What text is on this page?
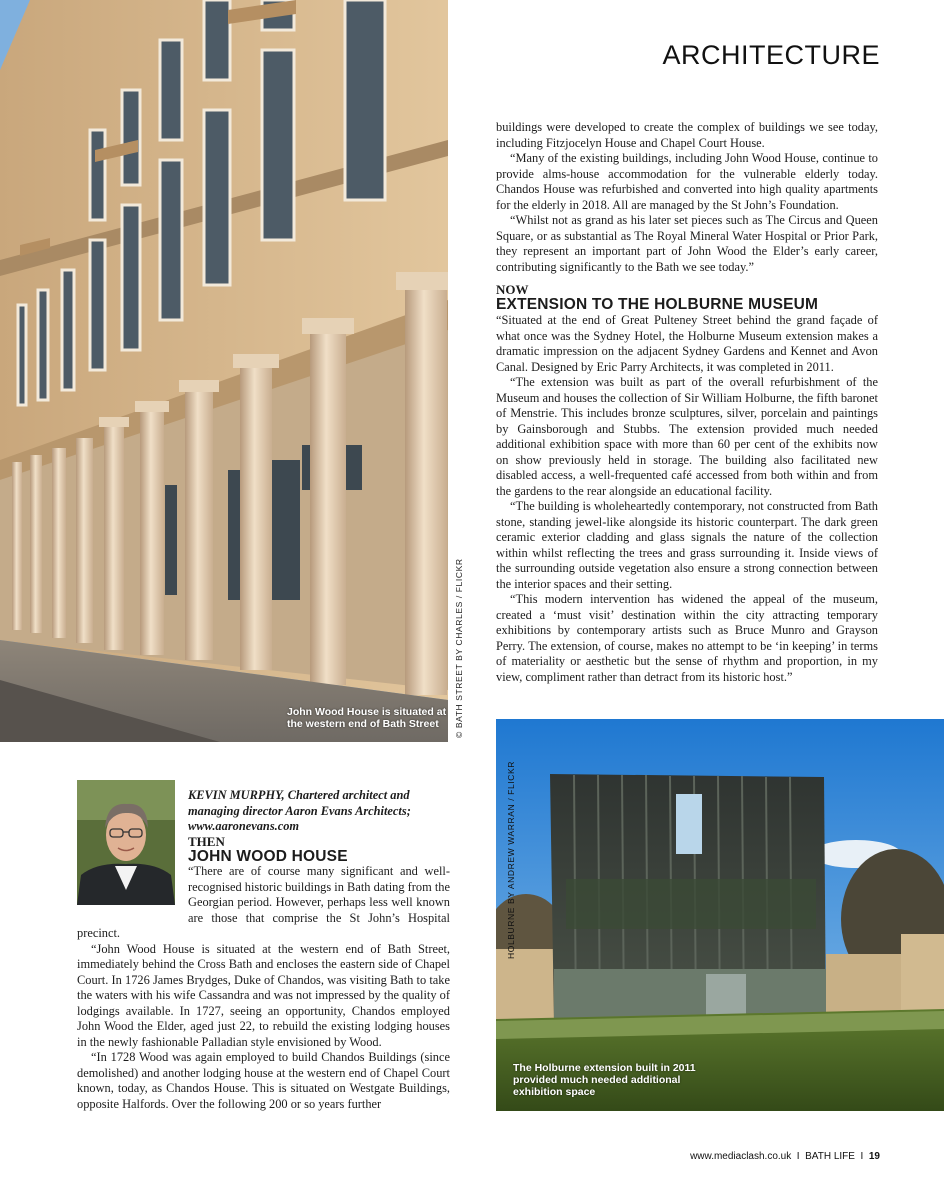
John Wood House is situated at
the western end of Bath Street	© BATH STREET BY CHARLES / FLICKR
ARCHITECTURE

buildings were developed to create the complex of buildings we see today, including Fitzjocelyn House and Chapel Court House.

“Many of the existing buildings, including John Wood House, continue to provide alms-house accommodation for the vulnerable elderly today. Chandos House was refurbished and converted into high quality apartments for the elderly in 2018. All are managed by the St John’s Foundation.

“Whilst not as grand as his later set pieces such as The Circus and Queen Square, or as substantial as The Royal Mineral Water Hospital or Prior Park, they represent an important part of John Wood the Elder’s early career, contributing significantly to the Bath we see today.”

NOW
EXTENSION TO THE HOLBURNE MUSEUM

“Situated at the end of Great Pulteney Street behind the grand façade of what once was the Sydney Hotel, the Holburne Museum extension makes a dramatic impression on the adjacent Sydney Gardens and Kennet and Avon Canal. Designed by Eric Parry Architects, it was completed in 2011.

“The extension was built as part of the overall refurbishment of the Museum and houses the collection of Sir William Holburne, the fifth baronet of Menstrie. This includes bronze sculptures, silver, porcelain and paintings by Gainsborough and Stubbs. The extension provided much needed additional exhibition space with more than 60 per cent of the exhibits now on show previously held in storage. The building also facilitated new disabled access, a well-frequented café accessed from both within and from the gardens to the rear alongside an educational facility.

“The building is wholeheartedly contemporary, not constructed from Bath stone, standing jewel-like alongside its historic counterpart. The dark green ceramic exterior cladding and glass signals the nature of the collection within whilst reflecting the trees and grass surrounding it. Inside views of the surrounding outside vegetation also ensure a strong connection between the interior spaces and their setting.

“This modern intervention has widened the appeal of the museum, created a ‘must visit’ destination within the city attracting temporary exhibitions by contemporary artists such as Bruce Munro and Grayson Perry. The extension, of course, makes no attempt to be ‘in keeping’ in terms of materiality or aesthetic but the sense of rhythm and proportion, in my view, compliment rather than detract from its historic host.”

The Holburne extension built in 2011
provided much needed additional
exhibition space
HOLBURNE BY ANDREW WARRAN / FLICKR
KEVIN MURPHY, Chartered architect and
managing director Aaron Evans Architects;
www.aaronevans.com
THEN
JOHN WOOD HOUSE

“There are of course many significant and well-recognised historic buildings in Bath dating from the Georgian period. However, perhaps less well known are those that comprise the St John’s Hospital precinct.

“John Wood House is situated at the western end of Bath Street, immediately behind the Cross Bath and encloses the eastern side of Chapel Court. In 1726 James Brydges, Duke of Chandos, was visiting Bath to take the waters with his wife Cassandra and was not impressed by the quality of lodgings available. In 1727, seeing an opportunity, Chandos employed John Wood the Elder, aged just 22, to rebuild the existing lodging houses in the newly fashionable Palladian style envisioned by Wood.

“In 1728 Wood was again employed to build Chandos Buildings (since demolished) and another lodging house at the western end of Chapel Court known, today, as Chandos House. This is situated on Westgate Buildings, opposite Halfords. Over the following 200 or so years further

www.mediaclash.co.uk I BATH LIFE I 19
